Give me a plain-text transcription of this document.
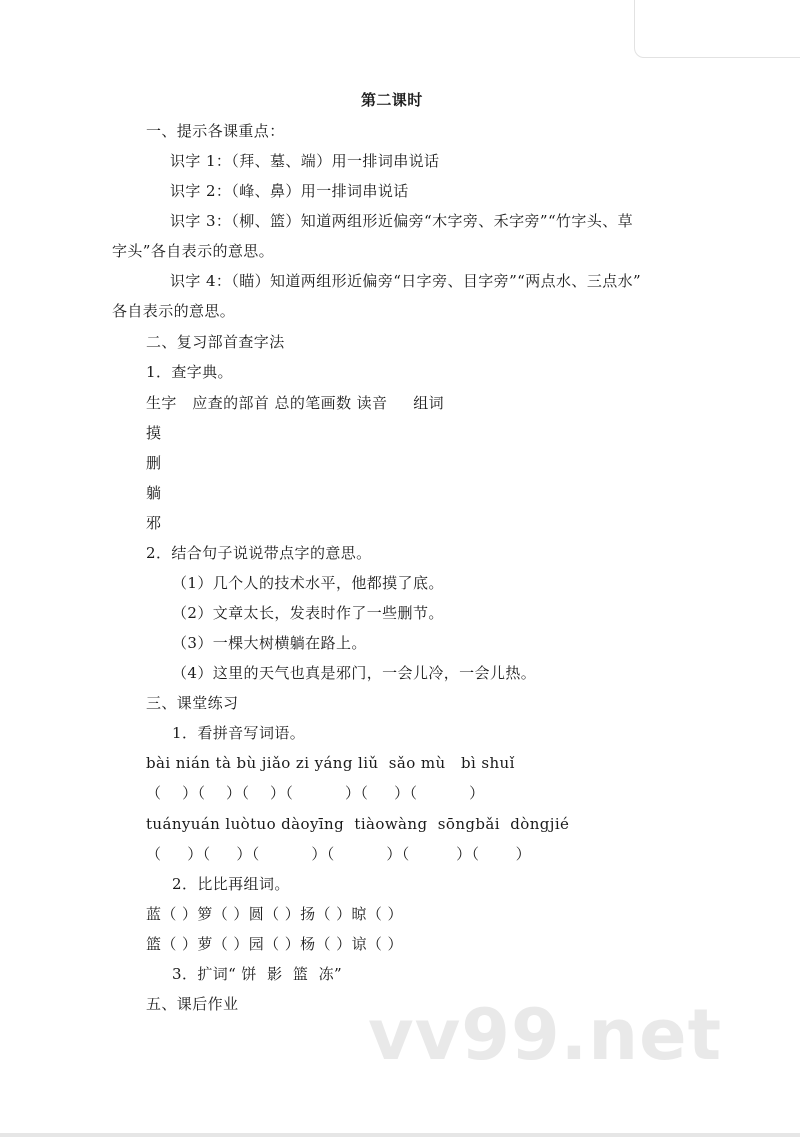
第二课时
一、提示各课重点：
识字 1：（拜、墓、端）用一排词串说话
识字 2：（峰、鼻）用一排词串说话
识字 3：（柳、篮）知道两组形近偏旁“木字旁、禾字旁”“竹字头、草
字头”各自表示的意思。
识字 4：（瞄）知道两组形近偏旁“日字旁、目字旁”“两点水、三点水”
各自表示的意思。
二、复习部首查字法
1．查字典。
生字   应查的部首 总的笔画数 读音     组词
摸
删
躺
邪
2．结合句子说说带点字的意思。
（1）几个人的技术水平，他都摸了底。
（2）文章太长，发表时作了一些删节。
（3）一棵大树横躺在路上。
（4）这里的天气也真是邪门，一会儿冷，一会儿热。
三、课堂练习
1．看拼音写词语。
bài nián tà bù jiǎo zi yáng liǔ  sǎo mù   bì shuǐ
（    ）（    ）（    ）（          ）（     ）（          ）
tuányuán luòtuo dàoyīng  tiàowàng  sōngbǎi  dòngjié
（     ）（     ）（          ）（          ）（         ）（       ）
2．比比再组词。
蓝（ ）箩（ ）圆（ ）扬（ ）晾（ ）
篮（ ）萝（ ）园（ ）杨（ ）谅（ ）
3．扩词“ 饼  影  篮  冻”
五、课后作业 vv99.net
